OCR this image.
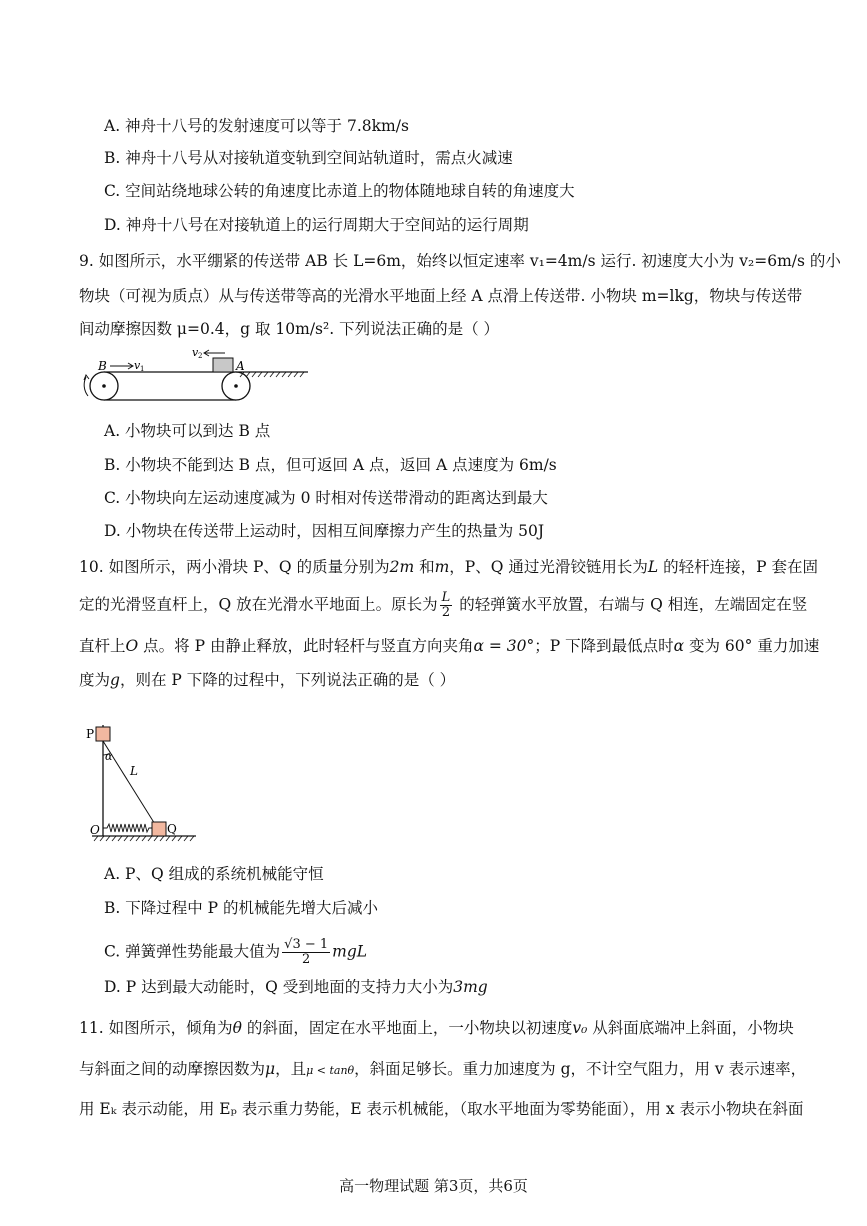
A. 神舟十八号的发射速度可以等于 7.8km/s
B. 神舟十八号从对接轨道变轨到空间站轨道时，需点火减速
C. 空间站绕地球公转的角速度比赤道上的物体随地球自转的角速度大
D. 神舟十八号在对接轨道上的运行周期大于空间站的运行周期
9. 如图所示，水平绷紧的传送带 AB 长 L=6m，始终以恒定速率 v₁=4m/s 运行. 初速度大小为 v₂=6m/s 的小
物块（可视为质点）从与传送带等高的光滑水平地面上经 A 点滑上传送带. 小物块 m=lkg，物块与传送带
间动摩擦因数 μ=0.4，g 取 10m/s². 下列说法正确的是（ ）
v 2
v 1
B	A
A. 小物块可以到达 B 点
B. 小物块不能到达 B 点，但可返回 A 点，返回 A 点速度为 6m/s
C. 小物块向左运动速度减为 0 时相对传送带滑动的距离达到最大
D. 小物块在传送带上运动时，因相互间摩擦力产生的热量为 50J
10. 如图所示，两小滑块 P、Q 的质量分别为2m 和m，P、Q 通过光滑铰链用长为L 的轻杆连接，P 套在固
定的光滑竖直杆上，Q 放在光滑水平地面上。原长为 $\frac{L}{2}$ 的轻弹簧水平放置，右端与 Q 相连，左端固定在竖
直杆上O 点。将 P 由静止释放，此时轻杆与竖直方向夹角α = 30°；P 下降到最低点时α 变为 60° 重力加速
度为g，则在 P 下降的过程中，下列说法正确的是（ ）
P
Q
O
L
α
A. P、Q 组成的系统机械能守恒
B. 下降过程中 P 的机械能先增大后减小
C. 弹簧弹性势能最大值为 $\frac{√3 - 1}{2}$ mgL
D. P 达到最大动能时，Q 受到地面的支持力大小为3mg
11. 如图所示，倾角为θ 的斜面，固定在水平地面上，一小物块以初速度v₀ 从斜面底端冲上斜面，小物块
与斜面之间的动摩擦因数为μ，且μ < tanθ，斜面足够长。重力加速度为 g，不计空气阻力，用 v 表示速率，
用 Eₖ 表示动能，用 Eₚ 表示重力势能，E 表示机械能，（取水平地面为零势能面），用 x 表示小物块在斜面
高一物理试题 第3页，共6页
